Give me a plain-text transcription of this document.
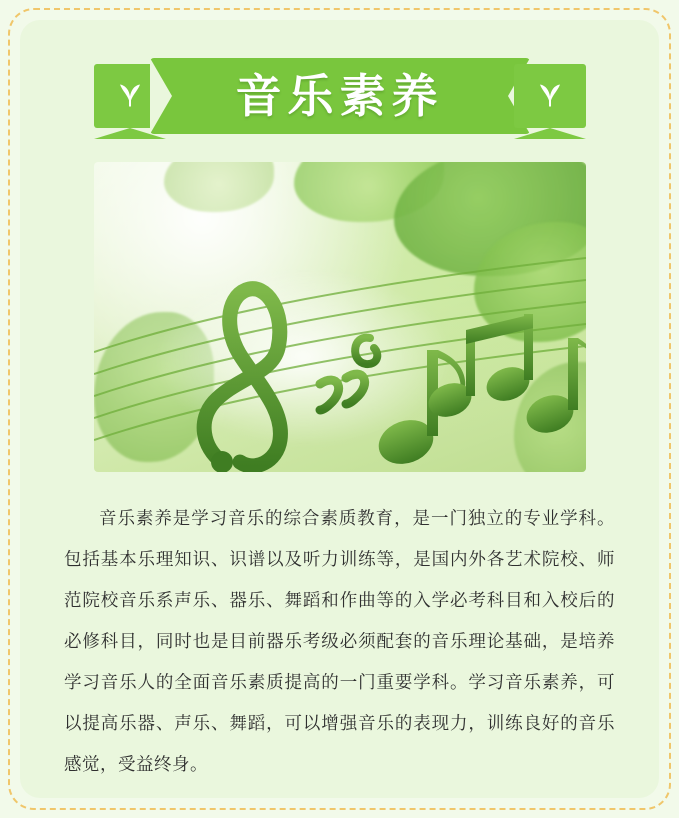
音乐素养

音乐素养是学习音乐的综合素质教育，是一门独立的专业学科。包括基本乐理知识、识谱以及听力训练等，是国内外各艺术院校、师范院校音乐系声乐、器乐、舞蹈和作曲等的入学必考科目和入校后的必修科目，同时也是目前器乐考级必须配套的音乐理论基础，是培养学习音乐人的全面音乐素质提高的一门重要学科。学习音乐素养，可以提高乐器、声乐、舞蹈，可以增强音乐的表现力，训练良好的音乐感觉，受益终身。
